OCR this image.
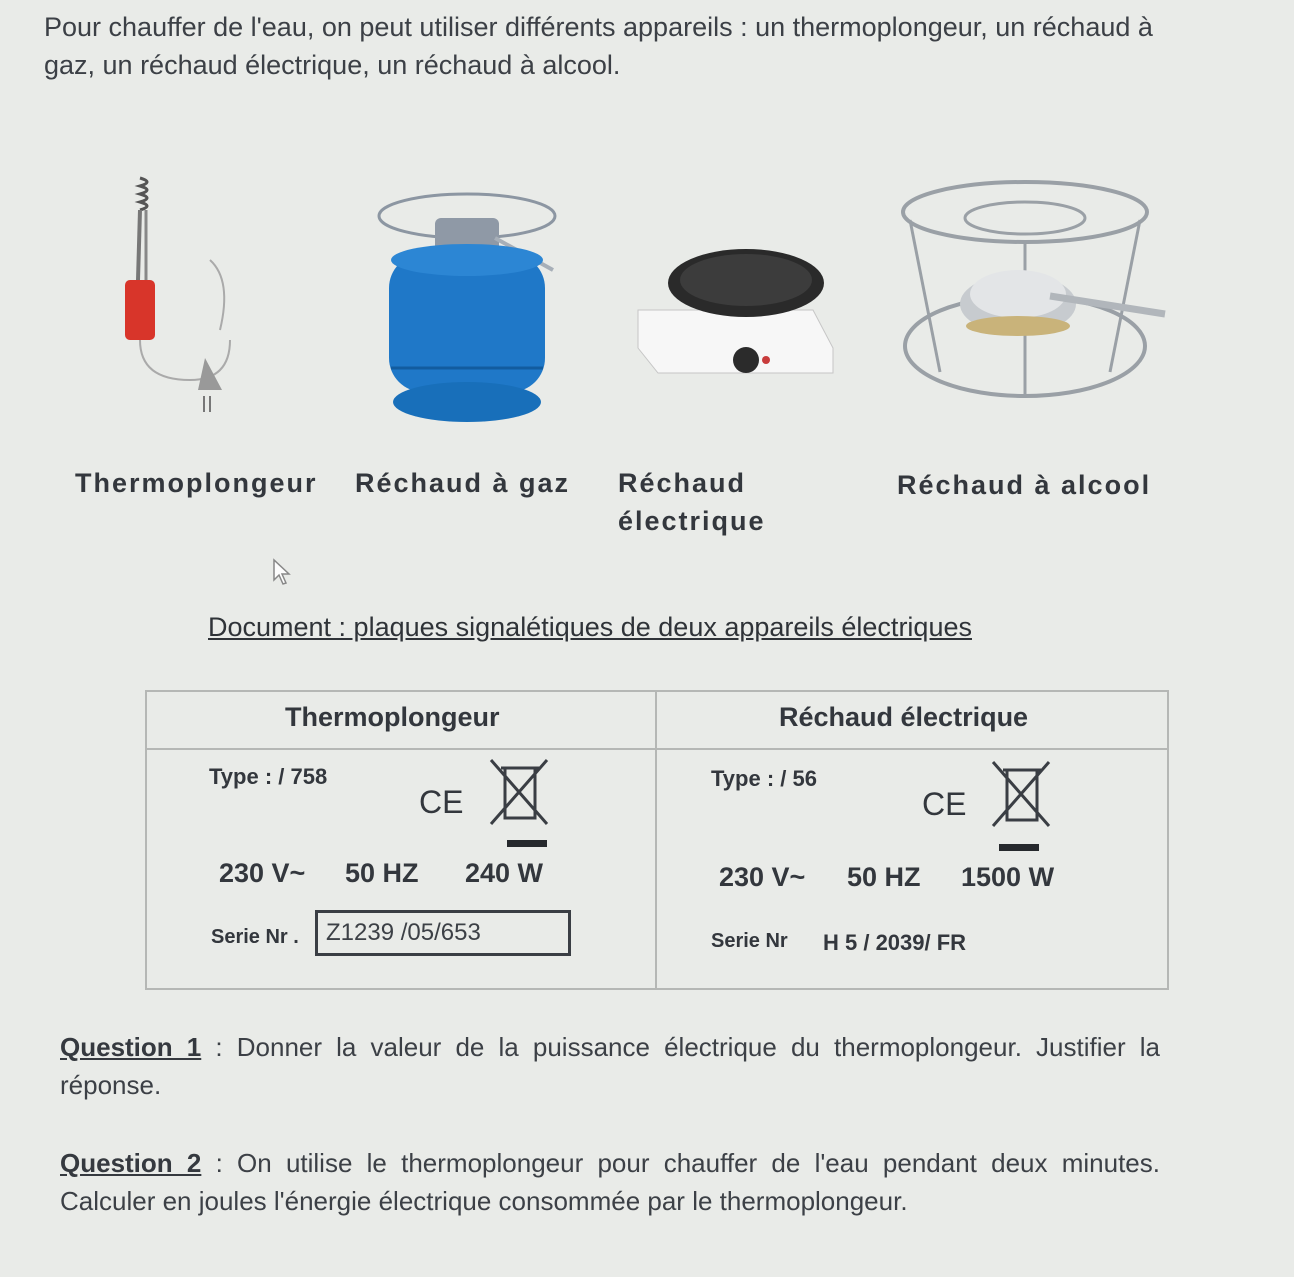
Pour chauffer de l'eau, on peut utiliser différents appareils : un thermoplongeur, un réchaud à gaz, un réchaud électrique, un réchaud à alcool.
Thermoplongeur Réchaud à gaz Réchaud électrique
Réchaud à alcool
Document : plaques signalétiques de deux appareils électriques
Thermoplongeur	Réchaud électrique
Type : / 758
CE
230 V~ 50 HZ 240 W
Serie Nr .	Z1239 /05/653
Type : / 56
CE
230 V~ 50 HZ 1500 W
Serie Nr H 5 / 2039/ FR
Question 1 : Donner la valeur de la puissance électrique du thermoplongeur. Justifier la réponse.
Question 2 : On utilise le thermoplongeur pour chauffer de l'eau pendant deux minutes. Calculer en joules l'énergie électrique consommée par le thermoplongeur.
